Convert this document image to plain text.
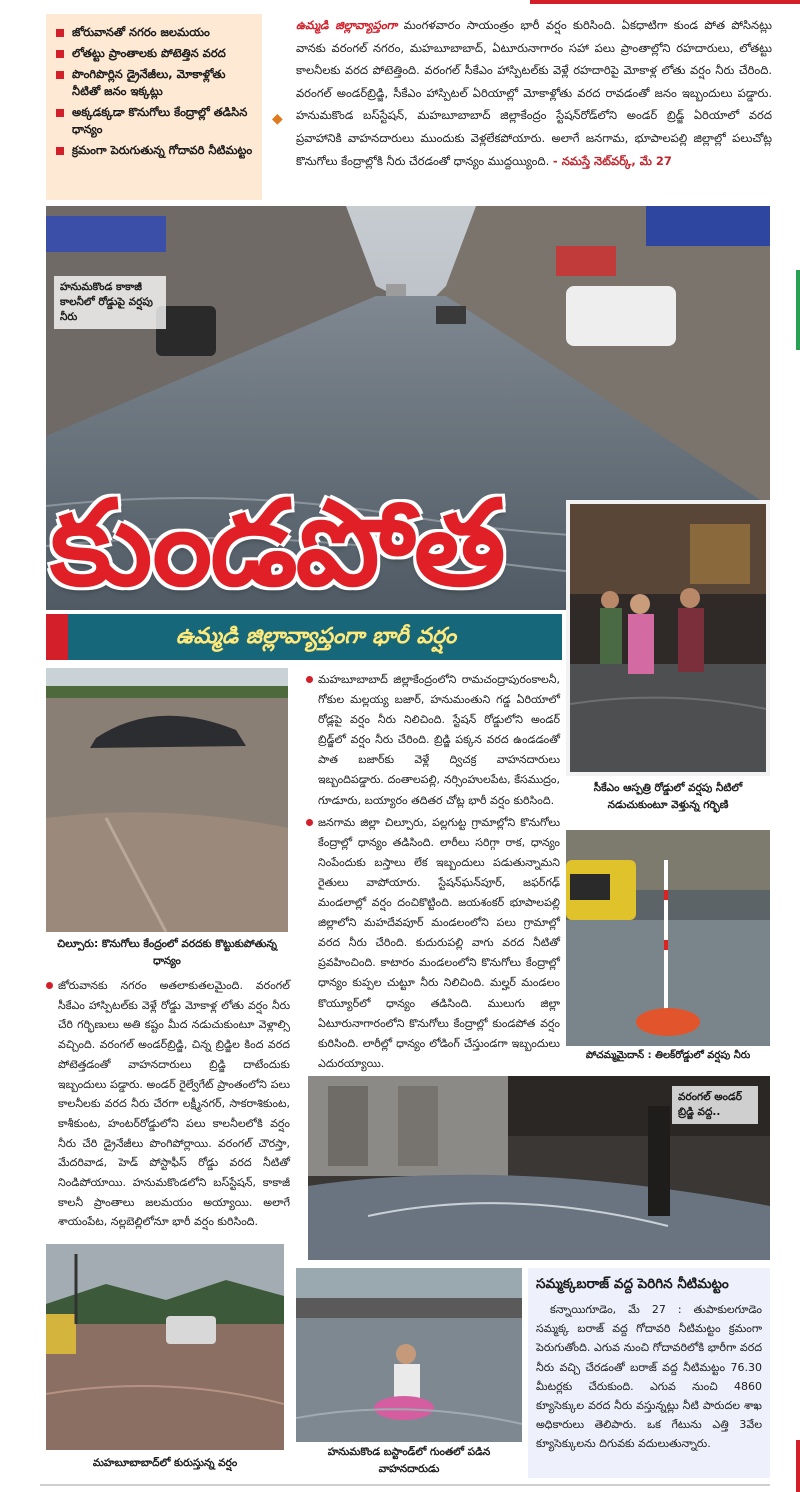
జోరువానతో నగరం జలమయం
లోతట్టు ప్రాంతాలకు పోటెత్తిన వరద
పొంగిపొర్లిన డ్రైనేజీలు, మోకాళ్లోతు నీటితో జనం ఇక్కట్లు
అక్కడక్కడా కొనుగోలు కేంద్రాల్లో తడిసిన ధాన్యం
క్రమంగా పెరుగుతున్న గోదావరి నీటిమట్టం
◆
ఉమ్మడి జిల్లావ్యాప్తంగా మంగళవారం సాయంత్రం భారీ వర్షం కురిసింది. ఏకధాటిగా కుండ పోత పోసినట్లు వానకు వరంగల్ నగరం, మహబూబాబాద్, ఏటూరునాగారం సహా పలు ప్రాంతాల్లోని రహదారులు, లోతట్టు కాలనీలకు వరద పోటెత్తింది. వరంగల్ సీకేఎం హాస్పిటల్‌కు వెళ్లే రహదారిపై మోకాళ్ల లోతు వర్షం నీరు చేరింది. వరంగల్ అండర్‌బ్రిడ్జి, సీకేఎం హాస్పిటల్ ఏరియాల్లో మోకాళ్లోతు వరద రావడంతో జనం ఇబ్బందులు పడ్డారు. హనుమకొండ బస్‌స్టేషన్, మహబూబాబాద్ జిల్లాకేంద్రం స్టేషన్‌రోడ్‌లోని అండర్ బ్రిడ్జ్ ఏరియాలో వరద ప్రవాహానికి వాహనదారులు ముందుకు వెళ్లలేకపోయారు. అలాగే జనగామ, భూపాలపల్లి జిల్లాల్లో పలుచోట్ల కొనుగోలు కేంద్రాల్లోకి నీరు చేరడంతో ధాన్యం ముద్దయ్యింది. - నమస్తే నెట్‌వర్క్, మే 27
హనుమకొండ కాకాజీ కాలనీలో రోడ్డుపై వర్షపు నీరు
కుండపోత
ఉమ్మడి జిల్లావ్యాప్తంగా భారీ వర్షం
సీకేఎం ఆస్పత్రి రోడ్డులో వర్షపు నీటిలో నడుచుకుంటూ వెళ్తున్న గర్భిణి
చిల్పూరు: కొనుగోలు కేంద్రంలో వరదకు కొట్టుకుపోతున్న ధాన్యం

మహబూబాబాద్ జిల్లాకేంద్రంలోని రామచంద్రాపురంకాలనీ, గోకుల మల్లయ్య బజార్, హనుమంతుని గడ్డ ఏరియాలో రోడ్లపై వర్షం నీరు నిలిచింది. స్టేషన్ రోడ్డులోని అండర్ బ్రిడ్జ్‌లో వర్షం నీరు చేరింది. బ్రిడ్జి పక్కన వరద ఉండడంతో పాత బజార్‌కు వెళ్లే ద్విచక్ర వాహనదారులు ఇబ్బందిపడ్డారు. దంతాలపల్లి, నర్సింహులపేట, కేసముద్రం, గూడూరు, బయ్యారం తదితర చోట్ల భారీ వర్షం కురిసింది.

జనగామ జిల్లా చిల్పూరు, పల్లగుట్ట గ్రామాల్లోని కొనుగోలు కేంద్రాల్లో ధాన్యం తడిసింది. లారీలు సరిగ్గా రాక, ధాన్యం నింపేందుకు బస్తాలు లేక ఇబ్బందులు పడుతున్నామని రైతులు వాపోయారు. స్టేషన్‌ఘన్‌పూర్, జఫర్‌గఢ్ మండలాల్లో వర్షం దంచికొట్టింది. జయశంకర్ భూపాలపల్లి జిల్లాలోని మహదేవపూర్ మండలంలోని పలు గ్రామాల్లో వరద నీరు చేరింది. కుదురుపల్లి వాగు వరద నీటితో ప్రవహించింది. కాటారం మండలంలోని కొనుగోలు కేంద్రాల్లో ధాన్యం కుప్పల చుట్టూ నీరు నిలిచింది. మల్హర్ మండలం కొయ్యూర్‌లో ధాన్యం తడిసింది. ములుగు జిల్లా ఏటూరునాగారంలోని కొనుగోలు కేంద్రాల్లో కుండపోత వర్షం కురిసింది. లారీల్లో ధాన్యం లోడింగ్ చేస్తుండగా ఇబ్బందులు ఎదురయ్యాయి.

జోరువానకు నగరం అతలాకుతలమైంది. వరంగల్ సీకేఎం హాస్పిటల్‌కు వెళ్లే రోడ్డు మోకాళ్ల లోతు వర్షం నీరు చేరి గర్భిణులు అతి కష్టం మీద నడుచుకుంటూ వెళ్లాల్సి వచ్చింది. వరంగల్ అండర్‌బ్రిడ్జి, చిన్న బ్రిడ్జిల కింద వరద పోటెత్తడంతో వాహనదారులు బ్రిడ్జి దాటేందుకు ఇబ్బందులు పడ్డారు. అండర్ రైల్వేగేట్ ప్రాంతంలోని పలు కాలనీలకు వరద నీరు చేరగా లక్ష్మీనగర్, సాకరాశికుంట, కాశీకుంట, హంటర్‌రోడ్డులోని పలు కాలనీలలోకి వర్షం నీరు చేరి డ్రైనేజీలు పొంగిపోర్లాయి. వరంగల్ చౌరస్తా, మేదరివాడ, హెడ్ పోస్టాఫీస్ రోడ్డు వరద నీటితో నిండిపోయాయి. హనుమకొండలోని బస్‌స్టేషన్, కాకాజీ కాలనీ ప్రాంతాలు జలమయం అయ్యాయి. అలాగే శాయంపేట, నల్లబెల్లిలోనూ భారీ వర్షం కురిసింది.

పోచమ్మమైదాన్ : తిలక్‌రోడ్డులో వర్షపు నీరు
వరంగల్ అండర్ బ్రిడ్జి వద్ద..
మహబూబాబాద్‌లో కురుస్తున్న వర్షం
హనుమకొండ బస్టాండ్‌లో గుంతలో పడిన వాహనదారుడు
సమ్మక్కబరాజ్ వద్ద పెరిగిన నీటిమట్టం
కన్నాయిగూడెం, మే 27 : తుపాకులగూడెం సమ్మక్క బరాజ్ వద్ద గోదావరి నీటిమట్టం క్రమంగా పెరుగుతోంది. ఎగువ నుంచి గోదావరిలోకి భారీగా వరద నీరు వచ్చి చేరడంతో బరాజ్ వద్ద నీటిమట్టం 76.30 మీటర్లకు చేరుకుంది. ఎగువ నుంచి 4860 క్యూసెక్కుల వరద నీరు వస్తున్నట్లు నీటి పారుదల శాఖ అధికారులు తెలిపారు. ఒక గేటును ఎత్తి 3వేల క్యూసెక్కులను దిగువకు వదులుతున్నారు.
